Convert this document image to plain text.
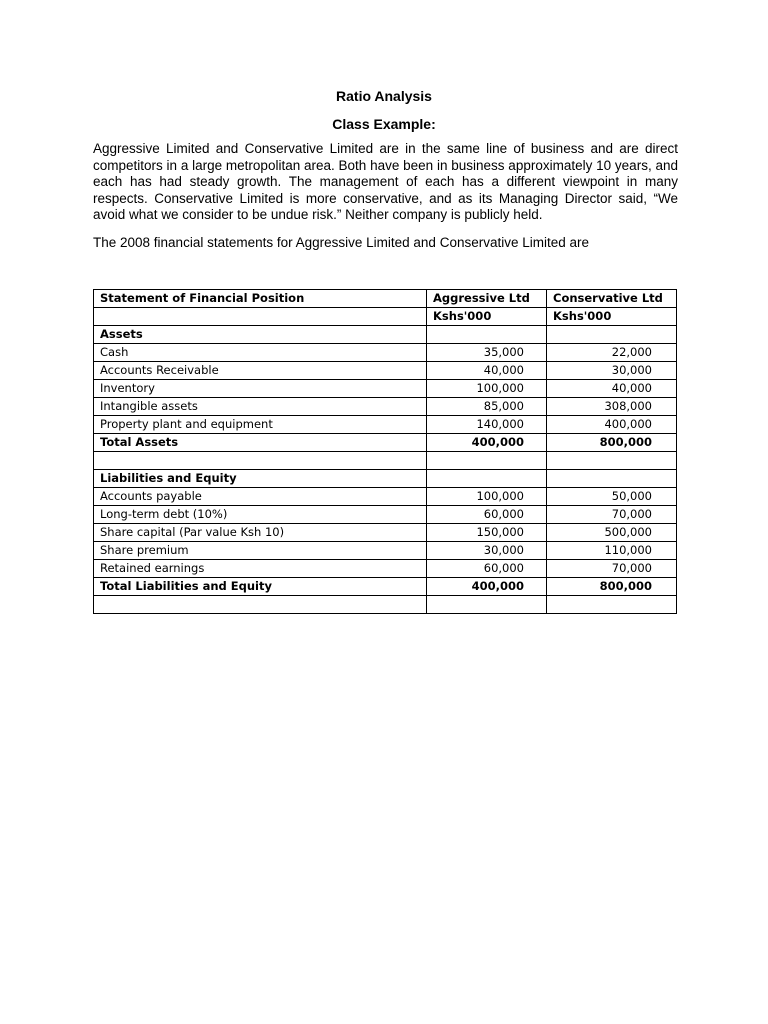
Ratio Analysis
Class Example:

Aggressive Limited and Conservative Limited are in the same line of business and are direct competitors in a large metropolitan area. Both have been in business approximately 10 years, and each has had steady growth. The management of each has a different viewpoint in many respects. Conservative Limited is more conservative, and as its Managing Director said, “We avoid what we consider to be undue risk.” Neither company is publicly held.

The 2008 financial statements for Aggressive Limited and Conservative Limited are

Statement of Financial Position	Aggressive Ltd	Conservative Ltd
	Kshs'000	Kshs'000
Assets		
Cash	35,000	22,000
Accounts Receivable	40,000	30,000
Inventory	100,000	40,000
Intangible assets	85,000	308,000
Property plant and equipment	140,000	400,000
Total Assets	400,000	800,000

Liabilities and Equity		
Accounts payable	100,000	50,000
Long-term debt (10%)	60,000	70,000
Share capital (Par value Ksh 10)	150,000	500,000
Share premium	30,000	110,000
Retained earnings	60,000	70,000
Total Liabilities and Equity	400,000	800,000
